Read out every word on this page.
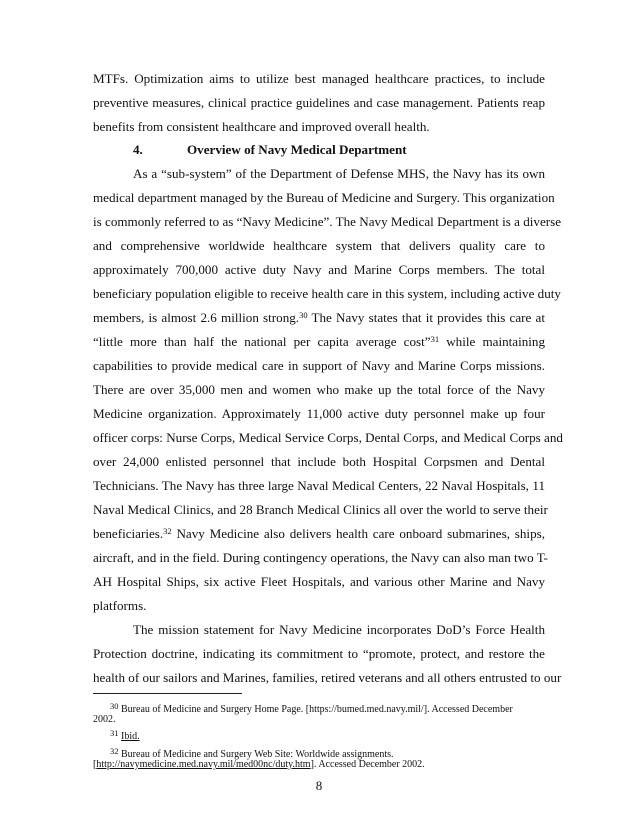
MTFs. Optimization aims to utilize best managed healthcare practices, to include
preventive measures, clinical practice guidelines and case management. Patients reap
benefits from consistent healthcare and improved overall health.
4.	Overview of Navy Medical Department
As a “sub-system” of the Department of Defense MHS, the Navy has its own
medical department managed by the Bureau of Medicine and Surgery. This organization
is commonly referred to as “Navy Medicine”. The Navy Medical Department is a diverse
and comprehensive worldwide healthcare system that delivers quality care to
approximately 700,000 active duty Navy and Marine Corps members. The total
beneficiary population eligible to receive health care in this system, including active duty
members, is almost 2.6 million strong.$^{30}$ The Navy states that it provides this care at
“little more than half the national per capita average cost”$^{31}$ while maintaining
capabilities to provide medical care in support of Navy and Marine Corps missions.
There are over 35,000 men and women who make up the total force of the Navy
Medicine organization. Approximately 11,000 active duty personnel make up four
officer corps: Nurse Corps, Medical Service Corps, Dental Corps, and Medical Corps and
over 24,000 enlisted personnel that include both Hospital Corpsmen and Dental
Technicians. The Navy has three large Naval Medical Centers, 22 Naval Hospitals, 11
Naval Medical Clinics, and 28 Branch Medical Clinics all over the world to serve their
beneficiaries.$^{32}$ Navy Medicine also delivers health care onboard submarines, ships,
aircraft, and in the field. During contingency operations, the Navy can also man two T-
AH Hospital Ships, six active Fleet Hospitals, and various other Marine and Navy
platforms.
The mission statement for Navy Medicine incorporates DoD’s Force Health
Protection doctrine, indicating its commitment to “promote, protect, and restore the
health of our sailors and Marines, families, retired veterans and all others entrusted to our
$^{30}$ Bureau of Medicine and Surgery Home Page. [https://bumed.med.navy.mil/]. Accessed December
2002.
$^{31}$ Ibid.
$^{32}$ Bureau of Medicine and Surgery Web Site: Worldwide assignments.
[http://navymedicine.med.navy.mil/med00nc/duty.htm]. Accessed December 2002.
8
